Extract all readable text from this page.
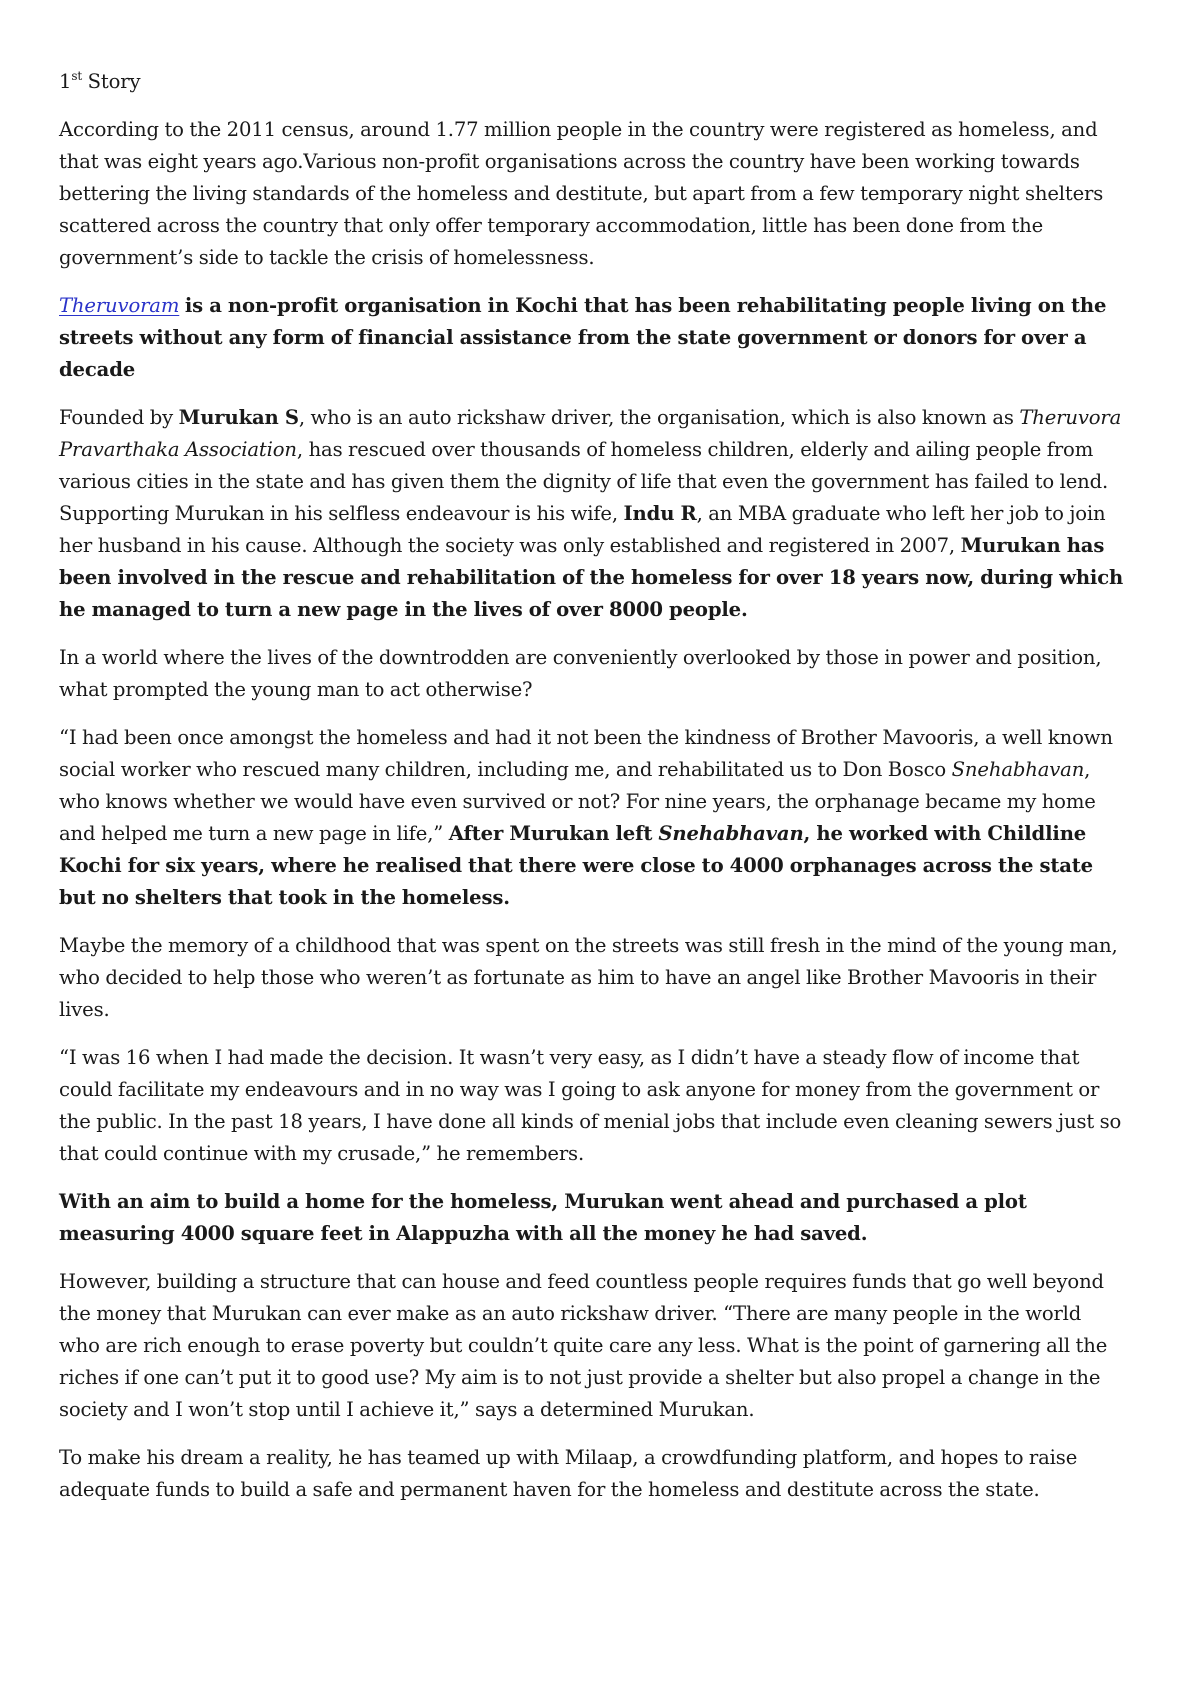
1st Story

According to the 2011 census, around 1.77 million people in the country were registered as homeless, and that was eight years ago.Various non-profit organisations across the country have been working towards bettering the living standards of the homeless and destitute, but apart from a few temporary night shelters scattered across the country that only offer temporary accommodation, little has been done from the government’s side to tackle the crisis of homelessness.

Theruvoram is a non-profit organisation in Kochi that has been rehabilitating people living on the streets without any form of financial assistance from the state government or donors for over a decade

Founded by Murukan S, who is an auto rickshaw driver, the organisation, which is also known as Theruvora Pravarthaka Association, has rescued over thousands of homeless children, elderly and ailing people from various cities in the state and has given them the dignity of life that even the government has failed to lend. Supporting Murukan in his selfless endeavour is his wife, Indu R, an MBA graduate who left her job to join her husband in his cause. Although the society was only established and registered in 2007, Murukan has been involved in the rescue and rehabilitation of the homeless for over 18 years now, during which he managed to turn a new page in the lives of over 8000 people.

In a world where the lives of the downtrodden are conveniently overlooked by those in power and position, what prompted the young man to act otherwise?

“I had been once amongst the homeless and had it not been the kindness of Brother Mavooris, a well known social worker who rescued many children, including me, and rehabilitated us to Don Bosco Snehabhavan, who knows whether we would have even survived or not? For nine years, the orphanage became my home and helped me turn a new page in life,” After Murukan left Snehabhavan, he worked with Childline Kochi for six years, where he realised that there were close to 4000 orphanages across the state but no shelters that took in the homeless.

Maybe the memory of a childhood that was spent on the streets was still fresh in the mind of the young man, who decided to help those who weren’t as fortunate as him to have an angel like Brother Mavooris in their lives.

“I was 16 when I had made the decision. It wasn’t very easy, as I didn’t have a steady flow of income that could facilitate my endeavours and in no way was I going to ask anyone for money from the government or the public. In the past 18 years, I have done all kinds of menial jobs that include even cleaning sewers just so that could continue with my crusade,” he remembers.

With an aim to build a home for the homeless, Murukan went ahead and purchased a plot measuring 4000 square feet in Alappuzha with all the money he had saved.

However, building a structure that can house and feed countless people requires funds that go well beyond the money that Murukan can ever make as an auto rickshaw driver. “There are many people in the world who are rich enough to erase poverty but couldn’t quite care any less. What is the point of garnering all the riches if one can’t put it to good use? My aim is to not just provide a shelter but also propel a change in the society and I won’t stop until I achieve it,” says a determined Murukan.

To make his dream a reality, he has teamed up with Milaap, a crowdfunding platform, and hopes to raise adequate funds to build a safe and permanent haven for the homeless and destitute across the state.
